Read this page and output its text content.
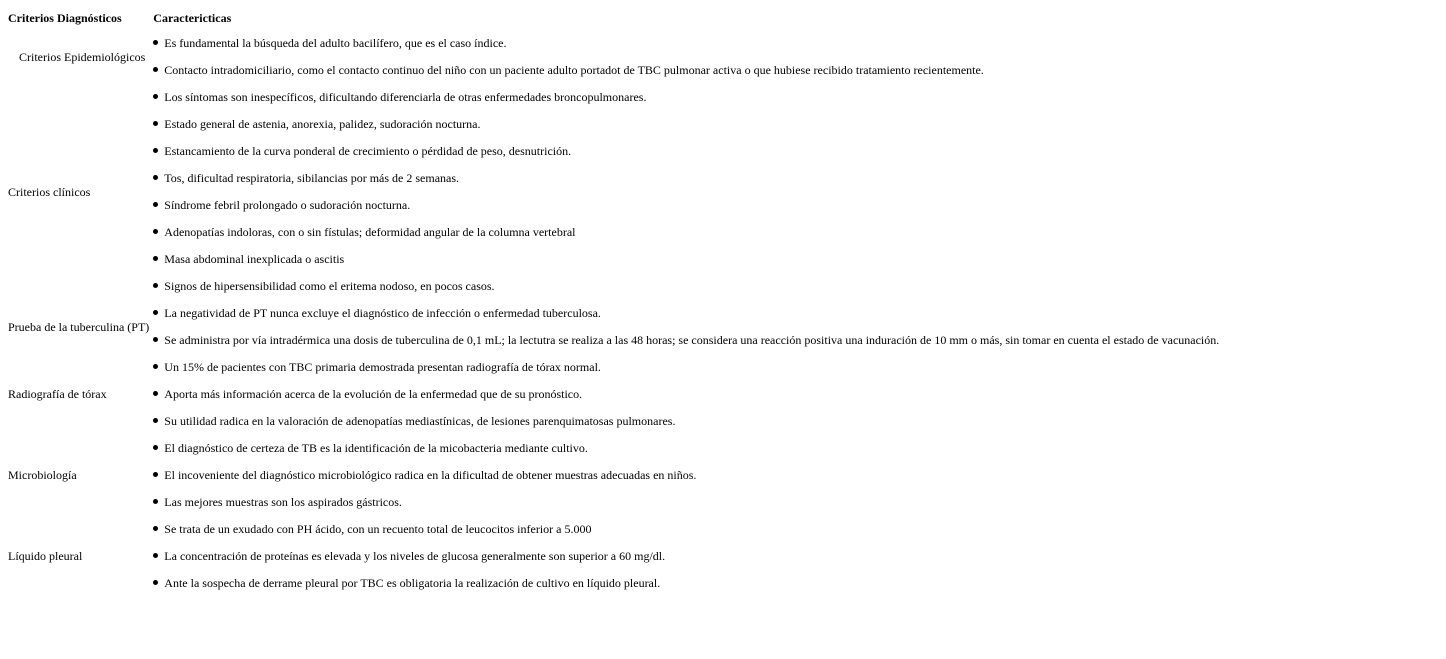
Criterios Diagnósticos	Caractericticas
Criterios Epidemiológicos	Es fundamental la búsqueda del adulto bacilífero, que es el caso índice.
	Contacto intradomiciliario, como el contacto continuo del niño con un paciente adulto portadot de TBC pulmonar activa o que hubiese recibido tratamiento recientemente.
Criterios clínicos	Los síntomas son inespecíficos, dificultando diferenciarla de otras enfermedades broncopulmonares.
	Estado general de astenia, anorexia, palidez, sudoración nocturna.
	Estancamiento de la curva ponderal de crecimiento o pérdidad de peso, desnutrición.
	Tos, dificultad respiratoria, sibilancias por más de 2 semanas.
	Síndrome febril prolongado o sudoración nocturna.
	Adenopatías indoloras, con o sin fístulas; deformidad angular de la columna vertebral
	Masa abdominal inexplicada o ascitis
	Signos de hipersensibilidad como el eritema nodoso, en pocos casos.
Prueba de la tuberculina (PT)	La negatividad de PT nunca excluye el diagnóstico de infección o enfermedad tuberculosa.
	Se administra por vía intradérmica una dosis de tuberculina de 0,1 mL; la lectutra se realiza a las 48 horas; se considera una reacción positiva una induración de 10 mm o más, sin tomar en cuenta el estado de vacunación.
Radiografía de tórax	Un 15% de pacientes con TBC primaria demostrada presentan radiografía de tórax normal.
	Aporta más información acerca de la evolución de la enfermedad que de su pronóstico.
	Su utilidad radica en la valoración de adenopatías mediastínicas, de lesiones parenquimatosas pulmonares.
Microbiología	El diagnóstico de certeza de TB es la identificación de la micobacteria mediante cultivo.
	El incoveniente del diagnóstico microbiológico radica en la dificultad de obtener muestras adecuadas en niños.
	Las mejores muestras son los aspirados gástricos.
Líquido pleural	Se trata de un exudado con PH ácido, con un recuento total de leucocitos inferior a 5.000
	La concentración de proteínas es elevada y los niveles de glucosa generalmente son superior a 60 mg/dl.
	Ante la sospecha de derrame pleural por TBC es obligatoria la realización de cultivo en líquido pleural.
